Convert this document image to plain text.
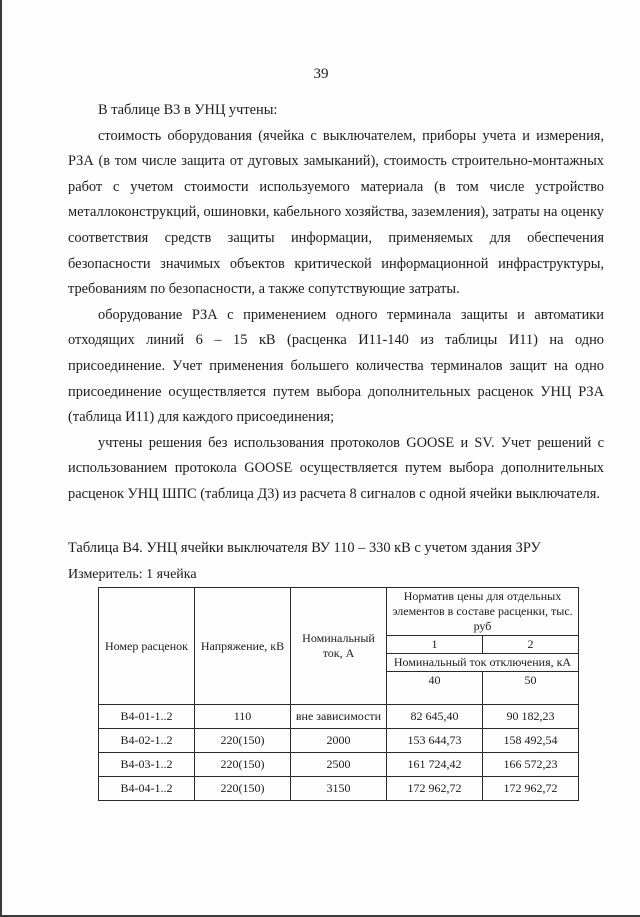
39

В таблице В3 в УНЦ учтены:

стоимость оборудования (ячейка с выключателем, приборы учета и измерения, РЗА (в том числе защита от дуговых замыканий), стоимость строительно-монтажных работ с учетом стоимости используемого материала (в том числе устройство металлоконструкций, ошиновки, кабельного хозяйства, заземления), затраты на оценку соответствия средств защиты информации, применяемых для обеспечения безопасности значимых объектов критической информационной инфраструктуры, требованиям по безопасности, а также сопутствующие затраты.

оборудование РЗА с применением одного терминала защиты и автоматики отходящих линий 6 – 15 кВ (расценка И11-140 из таблицы И11) на одно присоединение. Учет применения большего количества терминалов защит на одно присоединение осуществляется путем выбора дополнительных расценок УНЦ РЗА (таблица И11) для каждого присоединения;

учтены решения без использования протоколов GOOSE и SV. Учет решений с использованием протокола GOOSE осуществляется путем выбора дополнительных расценок УНЦ ШПС (таблица Д3) из расчета 8 сигналов с одной ячейки выключателя.

Таблица В4. УНЦ ячейки выключателя ВУ 110 – 330 кВ с учетом здания ЗРУ
Измеритель: 1 ячейка
Номер расценок	Напряжение, кВ	Номинальный ток, А	Норматив цены для отдельных элементов в составе расценки, тыс. руб	
			1	2
			Номинальный ток отключения, кА	
			40	50
В4-01-1..2	110	вне зависимости	82 645,40	90 182,23
В4-02-1..2	220(150)	2000	153 644,73	158 492,54
В4-03-1..2	220(150)	2500	161 724,42	166 572,23
В4-04-1..2	220(150)	3150	172 962,72	172 962,72
